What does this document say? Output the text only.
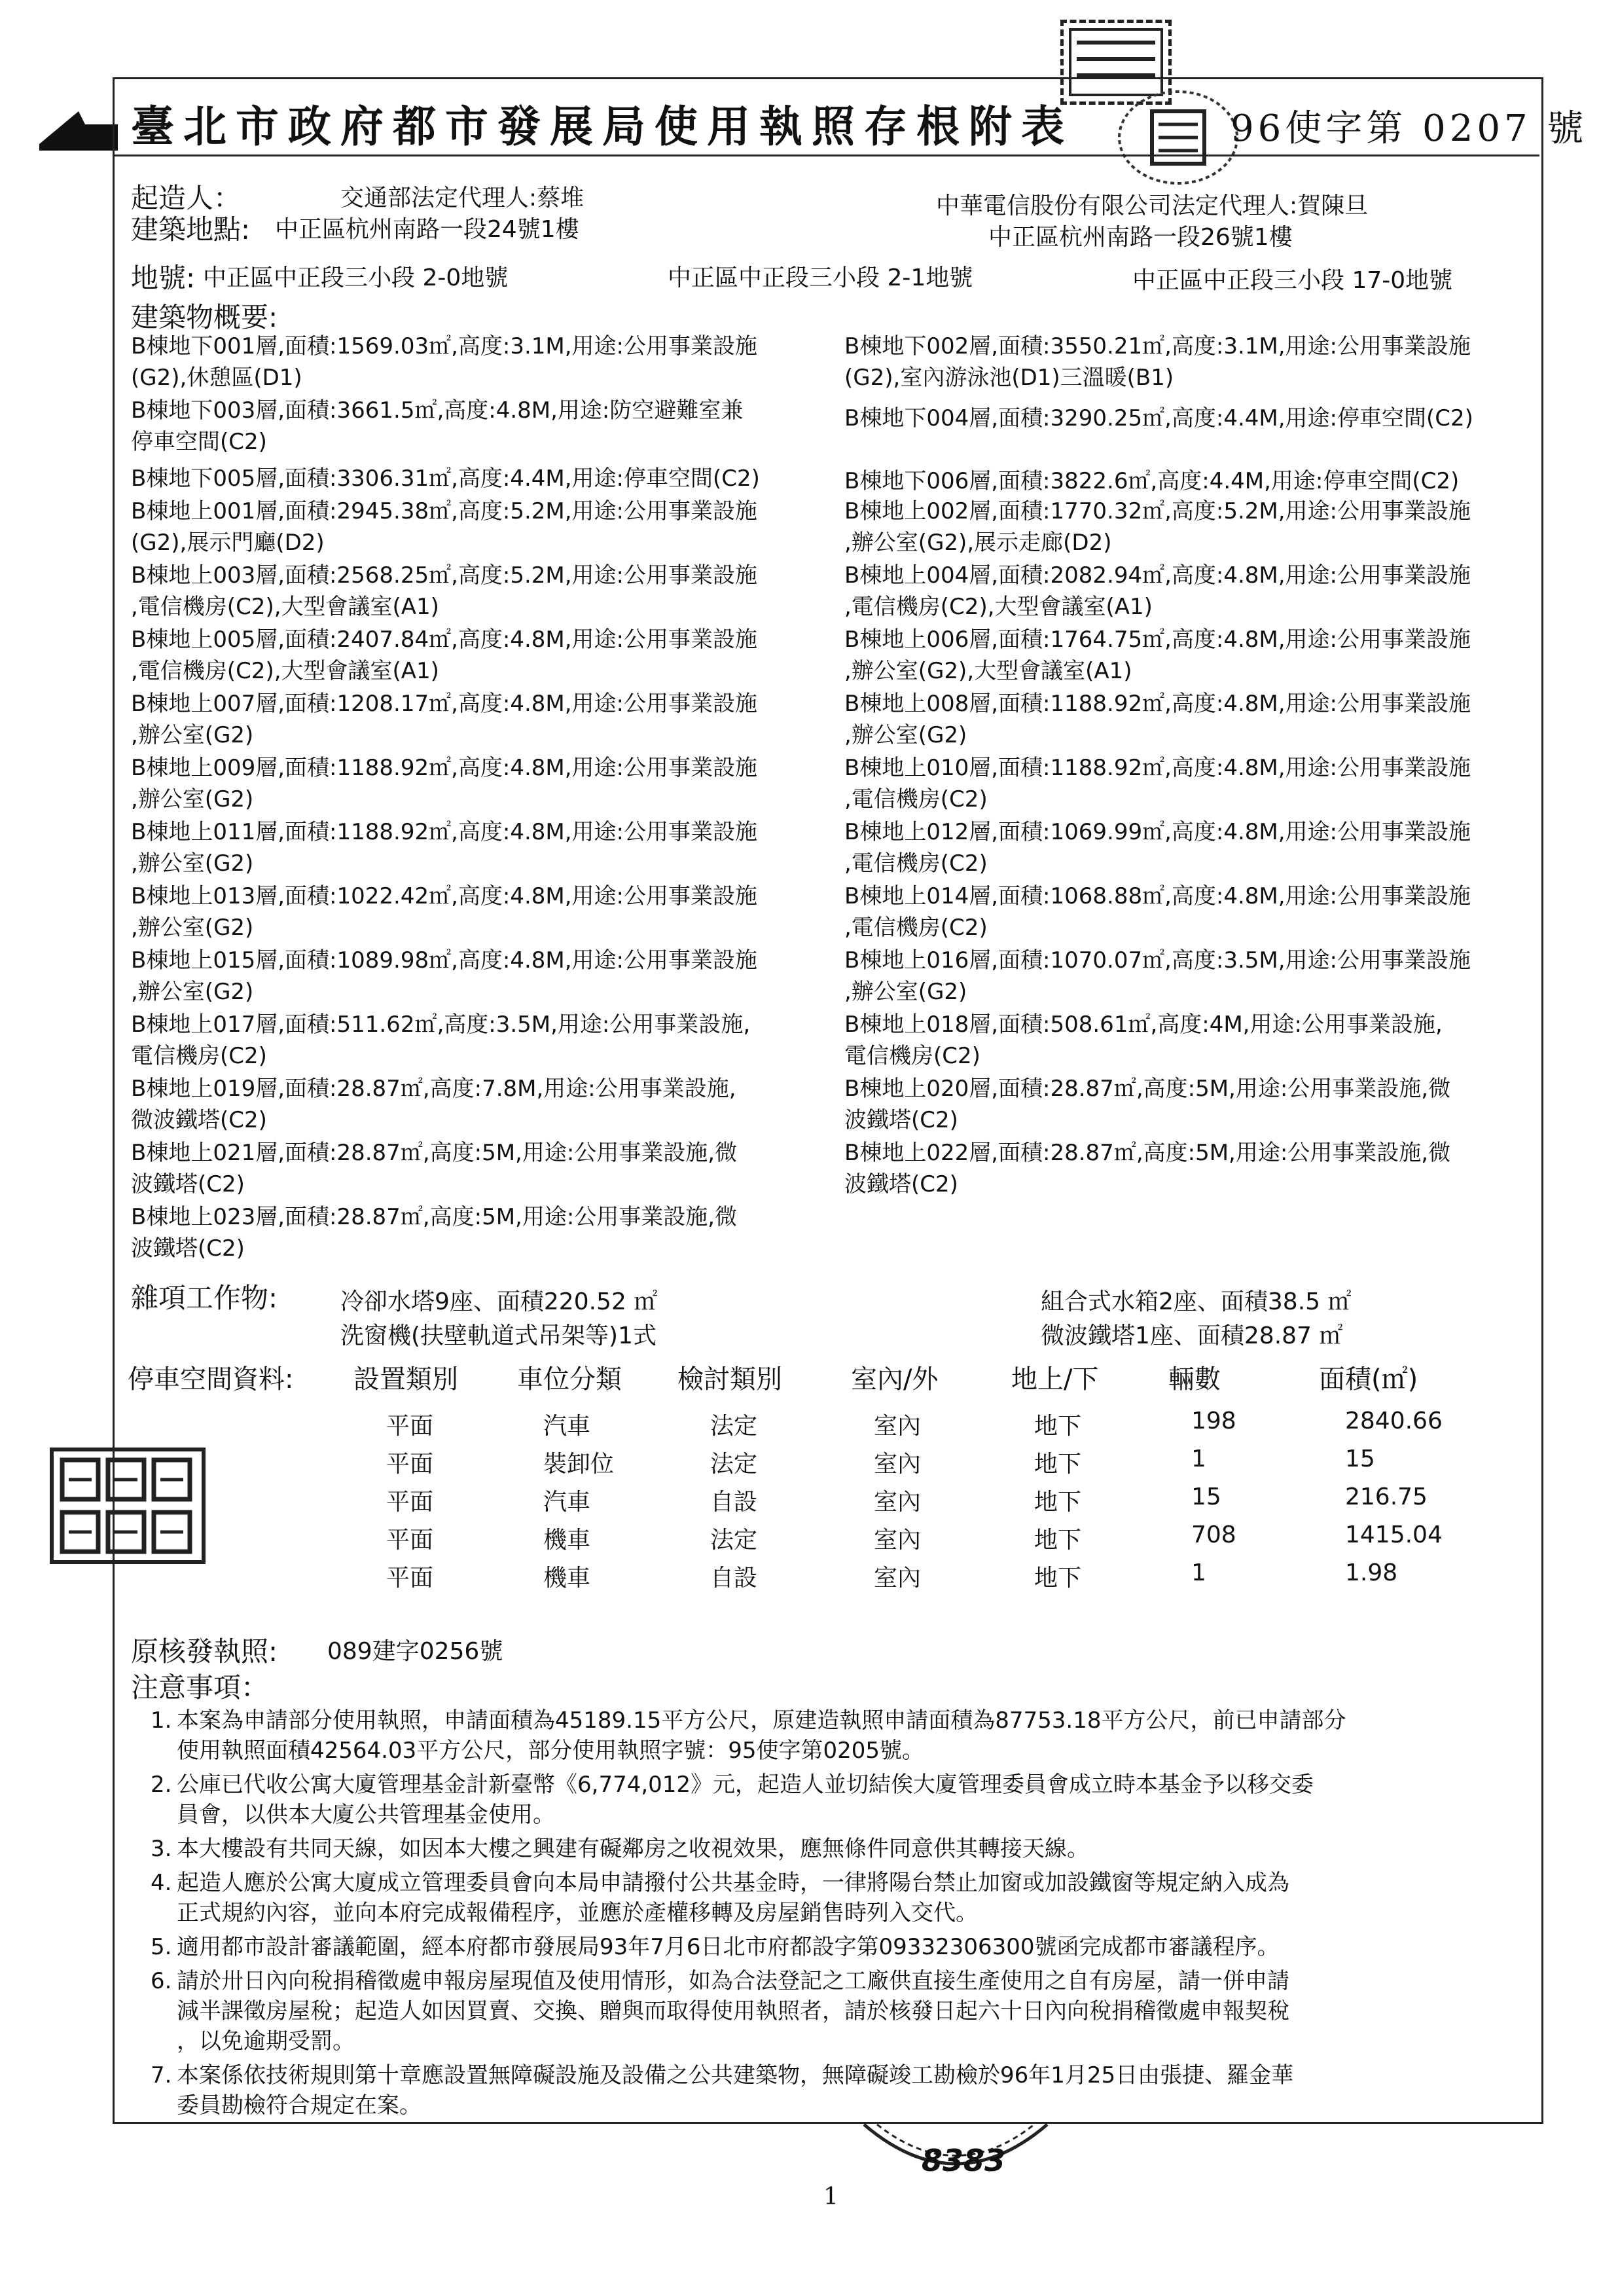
臺北市政府都市發展局使用執照存根附表	96使字第 0207 號
起造人：	交通部法定代理人:蔡堆	中華電信股份有限公司法定代理人:賀陳旦
建築地點: 中正區杭州南路一段24號1樓	中正區杭州南路一段26號1樓
地號: 中正區中正段三小段 2-0地號	中正區中正段三小段 2-1地號	中正區中正段三小段 17-0地號
建築物概要:
B棟地下001層,面積:1569.03㎡,高度:3.1M,用途:公用事業設施
(G2),休憩區(D1)
B棟地下002層,面積:3550.21㎡,高度:3.1M,用途:公用事業設施
(G2),室內游泳池(D1)三溫暖(B1)
B棟地下003層,面積:3661.5㎡,高度:4.8M,用途:防空避難室兼
停車空間(C2)
B棟地下004層,面積:3290.25㎡,高度:4.4M,用途:停車空間(C2)
B棟地下005層,面積:3306.31㎡,高度:4.4M,用途:停車空間(C2)	B棟地下006層,面積:3822.6㎡,高度:4.4M,用途:停車空間(C2)
B棟地上001層,面積:2945.38㎡,高度:5.2M,用途:公用事業設施
(G2),展示門廳(D2)
B棟地上002層,面積:1770.32㎡,高度:5.2M,用途:公用事業設施
,辦公室(G2),展示走廊(D2)
B棟地上003層,面積:2568.25㎡,高度:5.2M,用途:公用事業設施
,電信機房(C2),大型會議室(A1)
B棟地上004層,面積:2082.94㎡,高度:4.8M,用途:公用事業設施
,電信機房(C2),大型會議室(A1)
B棟地上005層,面積:2407.84㎡,高度:4.8M,用途:公用事業設施
,電信機房(C2),大型會議室(A1)
B棟地上006層,面積:1764.75㎡,高度:4.8M,用途:公用事業設施
,辦公室(G2),大型會議室(A1)
B棟地上007層,面積:1208.17㎡,高度:4.8M,用途:公用事業設施
,辦公室(G2)
B棟地上008層,面積:1188.92㎡,高度:4.8M,用途:公用事業設施
,辦公室(G2)
B棟地上009層,面積:1188.92㎡,高度:4.8M,用途:公用事業設施
,辦公室(G2)
B棟地上010層,面積:1188.92㎡,高度:4.8M,用途:公用事業設施
,電信機房(C2)
B棟地上011層,面積:1188.92㎡,高度:4.8M,用途:公用事業設施
,辦公室(G2)
B棟地上012層,面積:1069.99㎡,高度:4.8M,用途:公用事業設施
,電信機房(C2)
B棟地上013層,面積:1022.42㎡,高度:4.8M,用途:公用事業設施
,辦公室(G2)
B棟地上014層,面積:1068.88㎡,高度:4.8M,用途:公用事業設施
,電信機房(C2)
B棟地上015層,面積:1089.98㎡,高度:4.8M,用途:公用事業設施
,辦公室(G2)
B棟地上016層,面積:1070.07㎡,高度:3.5M,用途:公用事業設施
,辦公室(G2)
B棟地上017層,面積:511.62㎡,高度:3.5M,用途:公用事業設施,
電信機房(C2)
B棟地上018層,面積:508.61㎡,高度:4M,用途:公用事業設施,
電信機房(C2)
B棟地上019層,面積:28.87㎡,高度:7.8M,用途:公用事業設施,
微波鐵塔(C2)
B棟地上020層,面積:28.87㎡,高度:5M,用途:公用事業設施,微
波鐵塔(C2)
B棟地上021層,面積:28.87㎡,高度:5M,用途:公用事業設施,微
波鐵塔(C2)
B棟地上022層,面積:28.87㎡,高度:5M,用途:公用事業設施,微
波鐵塔(C2)
B棟地上023層,面積:28.87㎡,高度:5M,用途:公用事業設施,微
波鐵塔(C2)
雜項工作物:	冷卻水塔9座、面積220.52 ㎡	組合式水箱2座、面積38.5 ㎡
洗窗機(扶壁軌道式吊架等)1式	微波鐵塔1座、面積28.87 ㎡
停車空間資料: 設置類別 車位分類 檢討類別	室內/外	地上/下	輛數	面積(㎡)
平面	汽車	法定	室內	地下	198	2840.66
平面	裝卸位	法定	室內	地下	1	15
平面	汽車	自設	室內	地下	15	216.75
平面	機車	法定	室內	地下	708	1415.04
平面	機車	自設	室內	地下	1	1.98
原核發執照: 089建字0256號
注意事項：
1. 本案為申請部分使用執照，申請面積為45189.15平方公尺，原建造執照申請面積為87753.18平方公尺，前已申請部分
使用執照面積42564.03平方公尺，部分使用執照字號：95使字第0205號。
2. 公庫已代收公寓大廈管理基金計新臺幣《6,774,012》元，起造人並切結俟大廈管理委員會成立時本基金予以移交委
員會，以供本大廈公共管理基金使用。
3. 本大樓設有共同天線，如因本大樓之興建有礙鄰房之收視效果，應無條件同意供其轉接天線。
4. 起造人應於公寓大廈成立管理委員會向本局申請撥付公共基金時，一律將陽台禁止加窗或加設鐵窗等規定納入成為
正式規約內容，並向本府完成報備程序，並應於產權移轉及房屋銷售時列入交代。
5. 適用都市設計審議範圍，經本府都市發展局93年7月6日北市府都設字第09332306300號函完成都市審議程序。
6. 請於卅日內向稅捐稽徵處申報房屋現值及使用情形，如為合法登記之工廠供直接生產使用之自有房屋，請一併申請
減半課徵房屋稅；起造人如因買賣、交換、贈與而取得使用執照者，請於核發日起六十日內向稅捐稽徵處申報契稅
，以免逾期受罰。
7. 本案係依技術規則第十章應設置無障礙設施及設備之公共建築物，無障礙竣工勘檢於96年1月25日由張捷、羅金華
委員勘檢符合規定在案。
8383
1
